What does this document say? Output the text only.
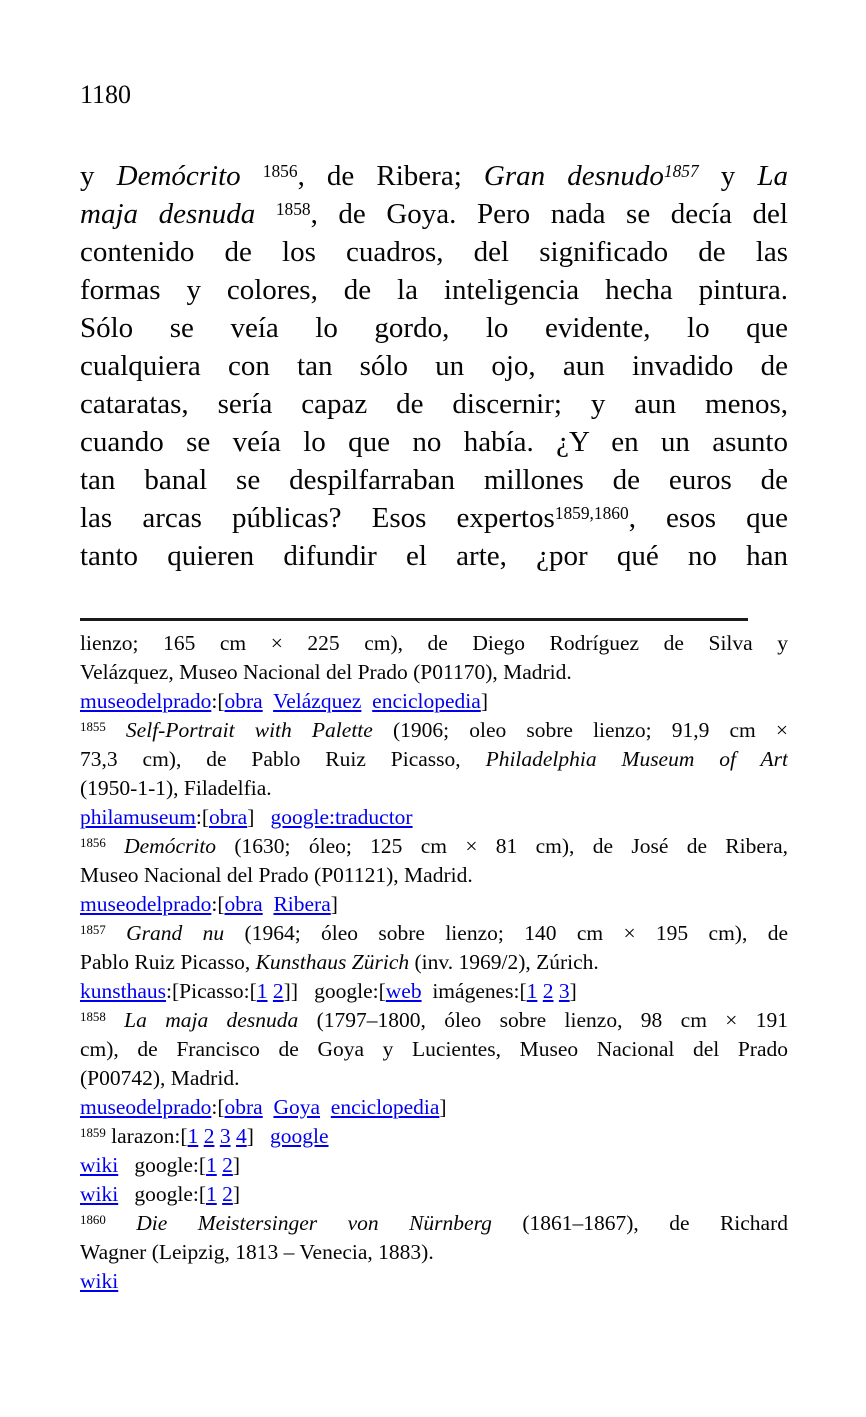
1180
y Demócrito $^{1856}$, de Ribera; Gran desnudo$^{1857}$ y La
maja desnuda $^{1858}$, de Goya. Pero nada se decía del
contenido de los cuadros, del significado de las
formas y colores, de la inteligencia hecha pintura.
Sólo se veía lo gordo, lo evidente, lo que
cualquiera con tan sólo un ojo, aun invadido de
cataratas, sería capaz de discernir; y aun menos,
cuando se veía lo que no había. ¿Y en un asunto
tan banal se despilfarraban millones de euros de
las arcas públicas? Esos expertos$^{1859,1860}$, esos que
tanto quieren difundir el arte, ¿por qué no han
lienzo; 165 cm × 225 cm), de Diego Rodríguez de Silva y
Velázquez, Museo Nacional del Prado (P01170), Madrid.
museodelprado:[obra Velázquez enciclopedia]
$^{1855}$ Self-Portrait with Palette (1906; oleo sobre lienzo; 91,9 cm ×
73,3 cm), de Pablo Ruiz Picasso, Philadelphia Museum of Art
(1950-1-1), Filadelfia.
philamuseum:[obra]   google:traductor
$^{1856}$ Demócrito (1630; óleo; 125 cm × 81 cm), de José de Ribera,
Museo Nacional del Prado (P01121), Madrid.
museodelprado:[obra Ribera]
$^{1857}$ Grand nu (1964; óleo sobre lienzo; 140 cm × 195 cm), de
Pablo Ruiz Picasso, Kunsthaus Zürich (inv. 1969/2), Zúrich.
kunsthaus:[Picasso:[1 2]]   google:[web  imágenes:[1 2 3]
$^{1858}$ La maja desnuda (1797–1800, óleo sobre lienzo, 98 cm × 191
cm), de Francisco de Goya y Lucientes, Museo Nacional del Prado
(P00742), Madrid.
museodelprado:[obra Goya enciclopedia]
$^{1859}$ larazon:[1 2 3 4]   google
wiki   google:[1 2]
wiki   google:[1 2]
$^{1860}$ Die Meistersinger von Nürnberg (1861–1867), de Richard
Wagner (Leipzig, 1813 – Venecia, 1883).
wiki
